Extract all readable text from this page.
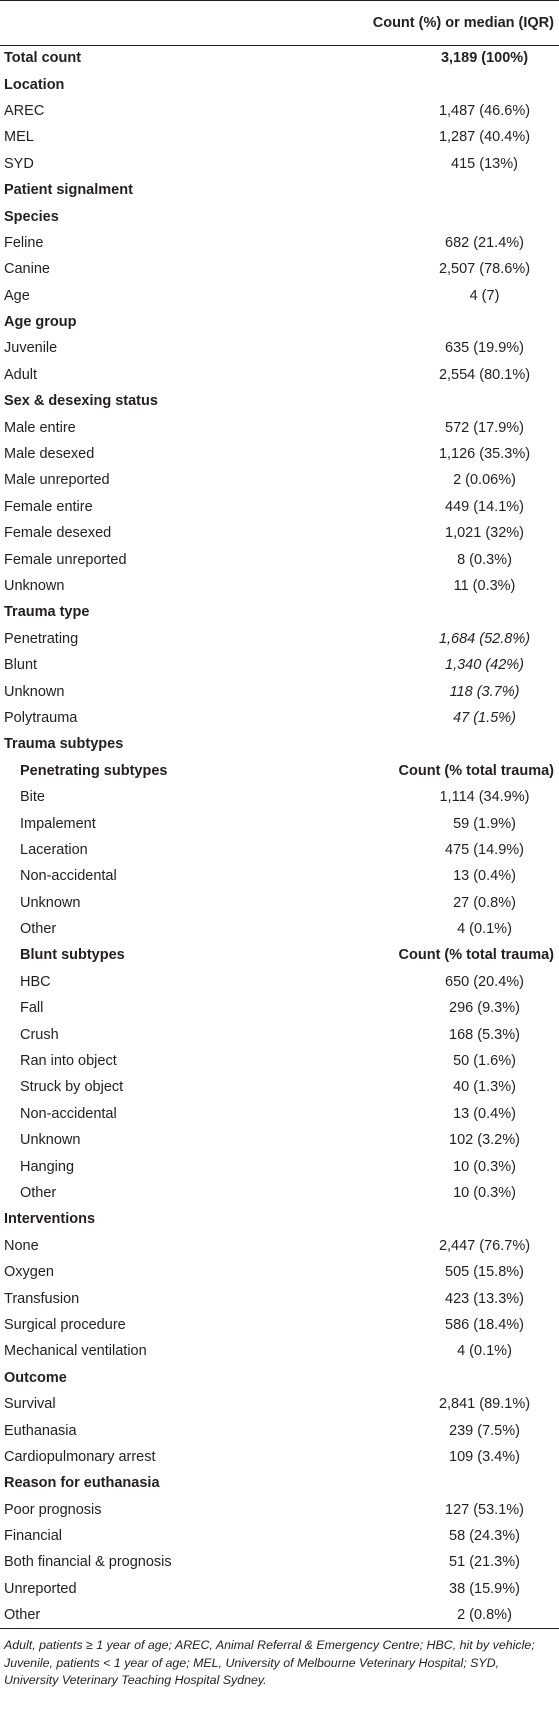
	Count (%) or median (IQR)
Total count	3,189 (100%)
Location	
AREC	1,487 (46.6%)
MEL	1,287 (40.4%)
SYD	415 (13%)
Patient signalment	
Species	
Feline	682 (21.4%)
Canine	2,507 (78.6%)
Age	4 (7)
Age group	
Juvenile	635 (19.9%)
Adult	2,554 (80.1%)
Sex & desexing status	
Male entire	572 (17.9%)
Male desexed	1,126 (35.3%)
Male unreported	2 (0.06%)
Female entire	449 (14.1%)
Female desexed	1,021 (32%)
Female unreported	8 (0.3%)
Unknown	11 (0.3%)
Trauma type	
Penetrating	1,684 (52.8%)
Blunt	1,340 (42%)
Unknown	118 (3.7%)
Polytrauma	47 (1.5%)
Trauma subtypes	
Penetrating subtypes	Count (% total trauma)
Bite	1,114 (34.9%)
Impalement	59 (1.9%)
Laceration	475 (14.9%)
Non-accidental	13 (0.4%)
Unknown	27 (0.8%)
Other	4 (0.1%)
Blunt subtypes	Count (% total trauma)
HBC	650 (20.4%)
Fall	296 (9.3%)
Crush	168 (5.3%)
Ran into object	50 (1.6%)
Struck by object	40 (1.3%)
Non-accidental	13 (0.4%)
Unknown	102 (3.2%)
Hanging	10 (0.3%)
Other	10 (0.3%)
Interventions	
None	2,447 (76.7%)
Oxygen	505 (15.8%)
Transfusion	423 (13.3%)
Surgical procedure	586 (18.4%)
Mechanical ventilation	4 (0.1%)
Outcome	
Survival	2,841 (89.1%)
Euthanasia	239 (7.5%)
Cardiopulmonary arrest	109 (3.4%)
Reason for euthanasia	
Poor prognosis	127 (53.1%)
Financial	58 (24.3%)
Both financial & prognosis	51 (21.3%)
Unreported	38 (15.9%)
Other	2 (0.8%)
Adult, patients ≥ 1 year of age; AREC, Animal Referral & Emergency Centre; HBC, hit by vehicle; Juvenile, patients < 1 year of age; MEL, University of Melbourne Veterinary Hospital; SYD, University Veterinary Teaching Hospital Sydney.
